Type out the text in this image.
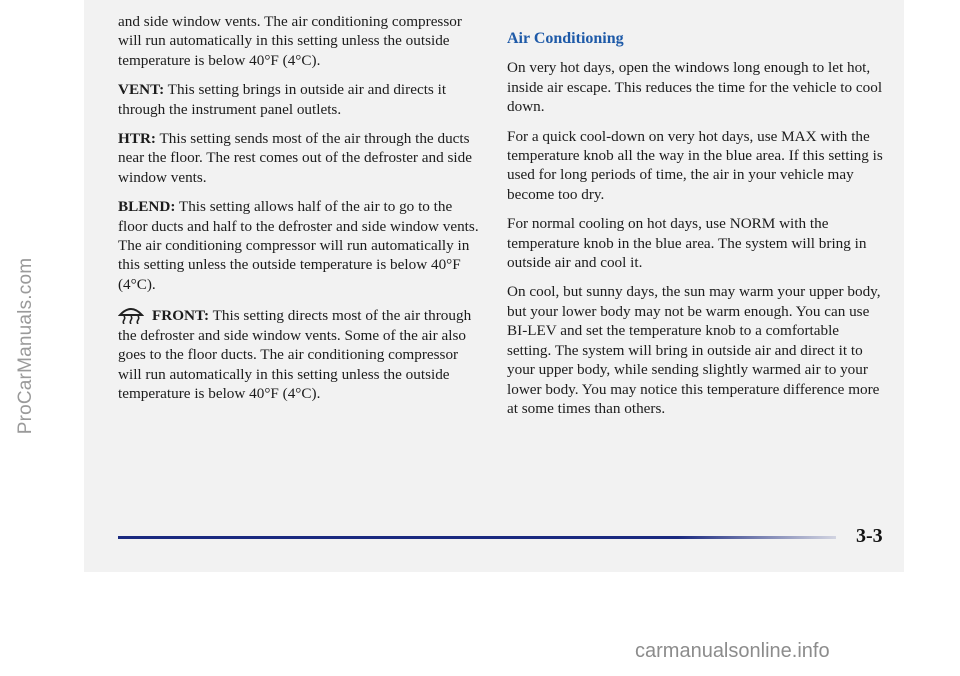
and side window vents. The air conditioning compressor will run automatically in this setting unless the outside temperature is below 40°F (4°C).

VENT: This setting brings in outside air and directs it through the instrument panel outlets.

HTR: This setting sends most of the air through the ducts near the floor. The rest comes out of the defroster and side window vents.

BLEND: This setting allows half of the air to go to the floor ducts and half to the defroster and side window vents. The air conditioning compressor will run automatically in this setting unless the outside temperature is below 40°F (4°C).

FRONT: This setting directs most of the air through the defroster and side window vents. Some of the air also goes to the floor ducts. The air conditioning compressor will run automatically in this setting unless the outside temperature is below 40°F (4°C).

Air Conditioning

On very hot days, open the windows long enough to let hot, inside air escape. This reduces the time for the vehicle to cool down.

For a quick cool-down on very hot days, use MAX with the temperature knob all the way in the blue area. If this setting is used for long periods of time, the air in your vehicle may become too dry.

For normal cooling on hot days, use NORM with the temperature knob in the blue area. The system will bring in outside air and cool it.

On cool, but sunny days, the sun may warm your upper body, but your lower body may not be warm enough. You can use BI-LEV and set the temperature knob to a comfortable setting. The system will bring in outside air and direct it to your upper body, while sending slightly warmed air to your lower body. You may notice this temperature difference more at some times than others.

3-3
ProCarManuals.com
carmanualsonline.info
